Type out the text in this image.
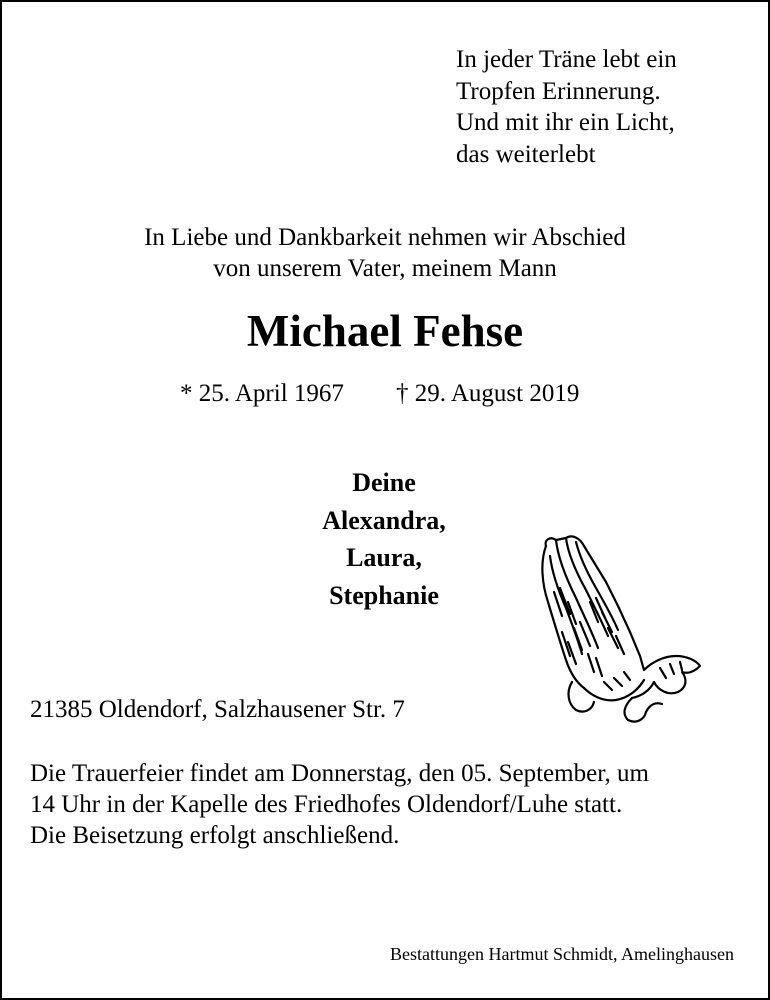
In jeder Träne lebt ein
Tropfen Erinnerung.
Und mit ihr ein Licht,
das weiterlebt
In Liebe und Dankbarkeit nehmen wir Abschied
von unserem Vater, meinem Mann
Michael Fehse
* 25. April 1967 † 29. August 2019
Deine
Alexandra,
Laura,
Stephanie
21385 Oldendorf, Salzhausener Str. 7
Die Trauerfeier findet am Donnerstag, den 05. September, um
14 Uhr in der Kapelle des Friedhofes Oldendorf/Luhe statt.
Die Beisetzung erfolgt anschließend.
Bestattungen Hartmut Schmidt, Amelinghausen
